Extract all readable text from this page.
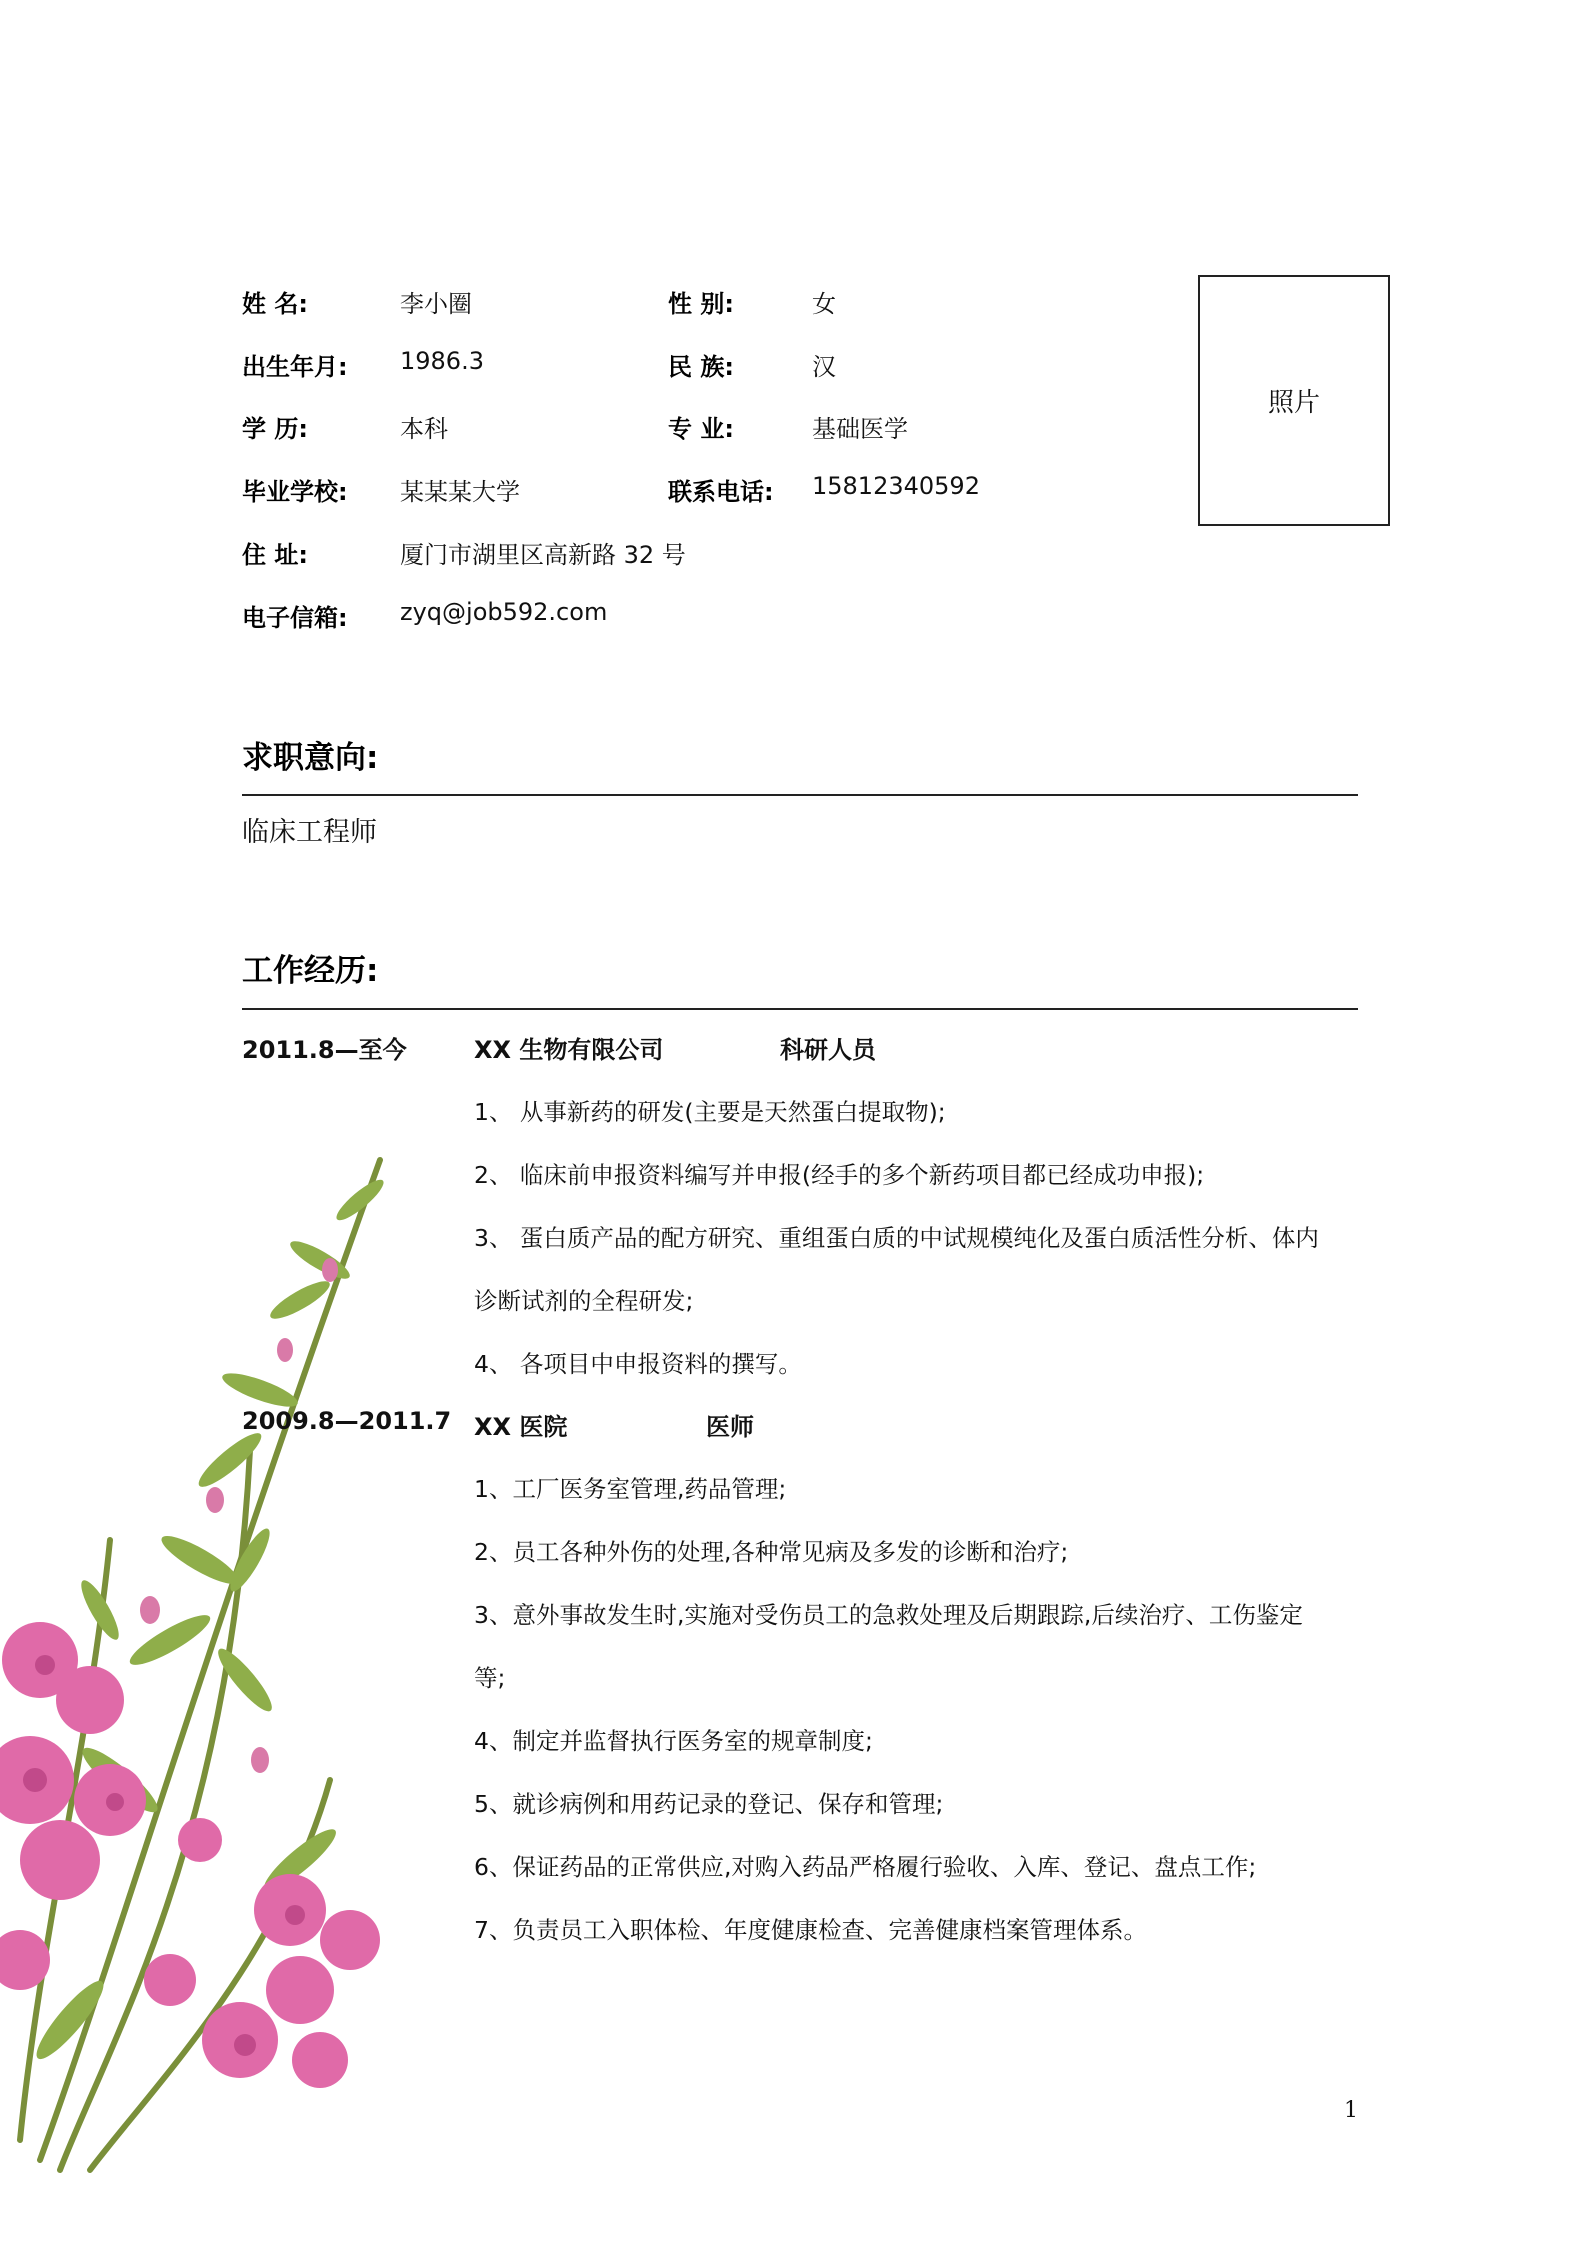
姓 名:	李小圈	性 别:	女
出生年月: 1986.3	民 族:	汉
学 历:	本科	专 业:	基础医学
毕业学校: 某某某大学	联系电话: 15812340592
住 址:	厦门市湖里区高新路 32 号
电子信箱: zyq@job592.com
照片
求职意向:
临床工程师
工作经历:
2011.8—至今	XX 生物有限公司	科研人员
1、 从事新药的研发(主要是天然蛋白提取物);
2、 临床前申报资料编写并申报(经手的多个新药项目都已经成功申报);
3、 蛋白质产品的配方研究、重组蛋白质的中试规模纯化及蛋白质活性分析、体内
诊断试剂的全程研发;
4、 各项目中申报资料的撰写。
2009.8—2011.7 XX 医院	医师
1、工厂医务室管理,药品管理;
2、员工各种外伤的处理,各种常见病及多发的诊断和治疗;
3、意外事故发生时,实施对受伤员工的急救处理及后期跟踪,后续治疗、工伤鉴定
等;
4、制定并监督执行医务室的规章制度;
5、就诊病例和用药记录的登记、保存和管理;
6、保证药品的正常供应,对购入药品严格履行验收、入库、登记、盘点工作;
7、负责员工入职体检、年度健康检查、完善健康档案管理体系。
1
